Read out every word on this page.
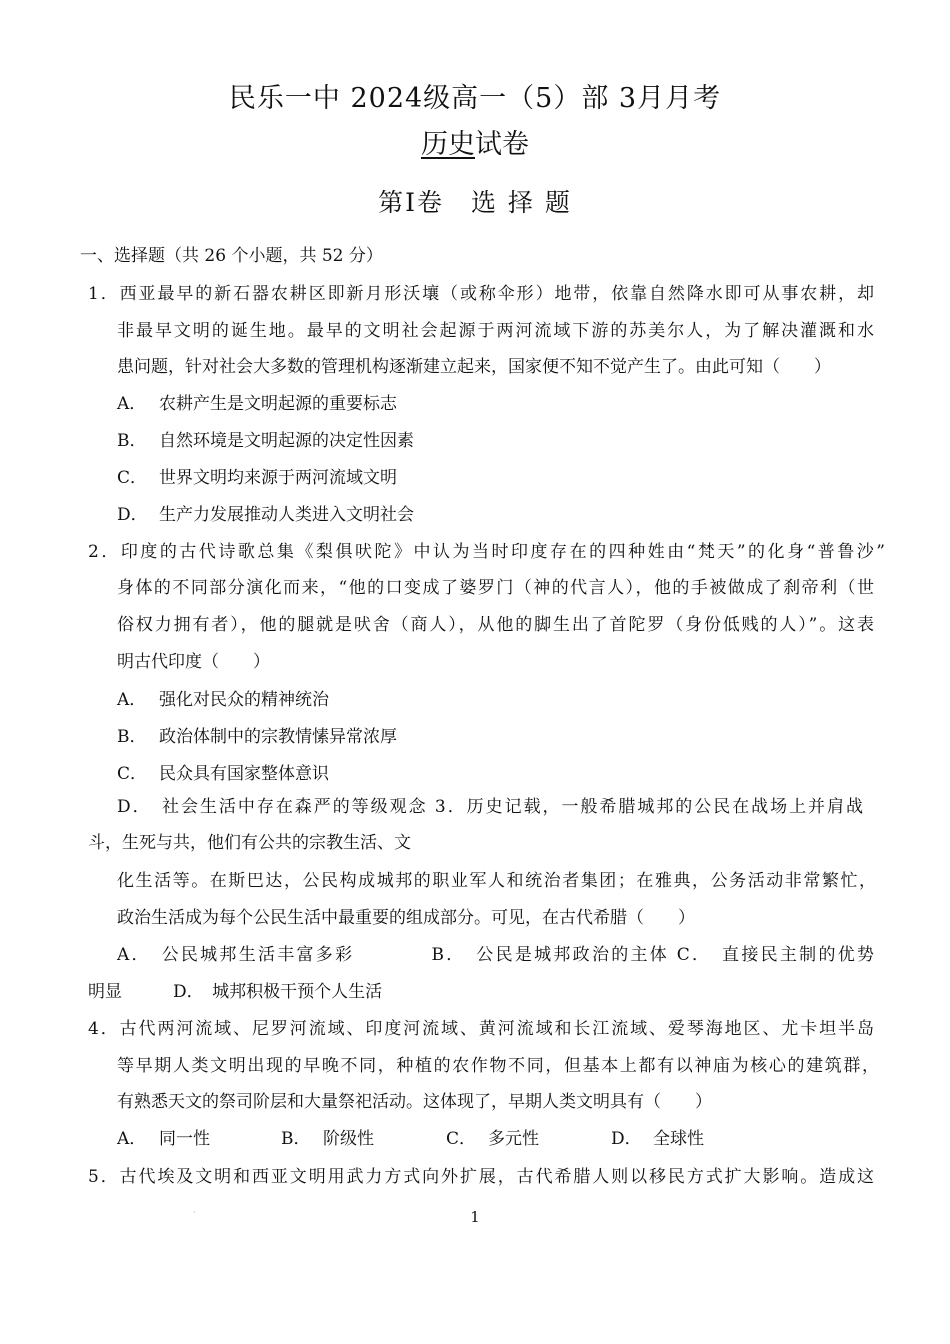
民乐一中 2024级高一（5）部 3月月考
历史试卷
第Ⅰ卷　选 择 题
一、选择题（共 26 个小题，共 52 分）
1．西亚最早的新石器农耕区即新月形沃壤（或称伞形）地带，依靠自然降水即可从事农耕，却
非最早文明的诞生地。最早的文明社会起源于两河流域下游的苏美尔人，为了解决灌溉和水
患问题，针对社会大多数的管理机构逐渐建立起来，国家便不知不觉产生了。由此可知（　　）
A． 农耕产生是文明起源的重要标志
B． 自然环境是文明起源的决定性因素
C． 世界文明均来源于两河流域文明
D． 生产力发展推动人类进入文明社会
2．印度的古代诗歌总集《梨俱吠陀》中认为当时印度存在的四种姓由“梵天”的化身“普鲁沙”
身体的不同部分演化而来，“他的口变成了婆罗门（神的代言人），他的手被做成了刹帝利（世
俗权力拥有者），他的腿就是吠舍（商人），从他的脚生出了首陀罗（身份低贱的人）”。这表
明古代印度（　　）
A． 强化对民众的精神统治
B． 政治体制中的宗教情愫异常浓厚
C． 民众具有国家整体意识
D．　社会生活中存在森严的等级观念 3．历史记载，一般希腊城邦的公民在战场上并肩战
斗，生死与共，他们有公共的宗教生活、文
化生活等。在斯巴达，公民构成城邦的职业军人和统治者集团；在雅典，公务活动非常繁忙，
政治生活成为每个公民生活中最重要的组成部分。可见，在古代希腊（　　）
A．　公民城邦生活丰富多彩　　　　B．　公民是城邦政治的主体 C．　直接民主制的优势
明显　　　D．　城邦积极干预个人生活
4．古代两河流域、尼罗河流域、印度河流域、黄河流域和长江流域、爱琴海地区、尤卡坦半岛
等早期人类文明出现的早晚不同，种植的农作物不同，但基本上都有以神庙为核心的建筑群，
有熟悉天文的祭司阶层和大量祭祀活动。这体现了，早期人类文明具有（　　）
A． 同一性	B． 阶级性	C． 多元性	D． 全球性
5．古代埃及文明和西亚文明用武力方式向外扩展，古代希腊人则以移民方式扩大影响。造成这
·	1
